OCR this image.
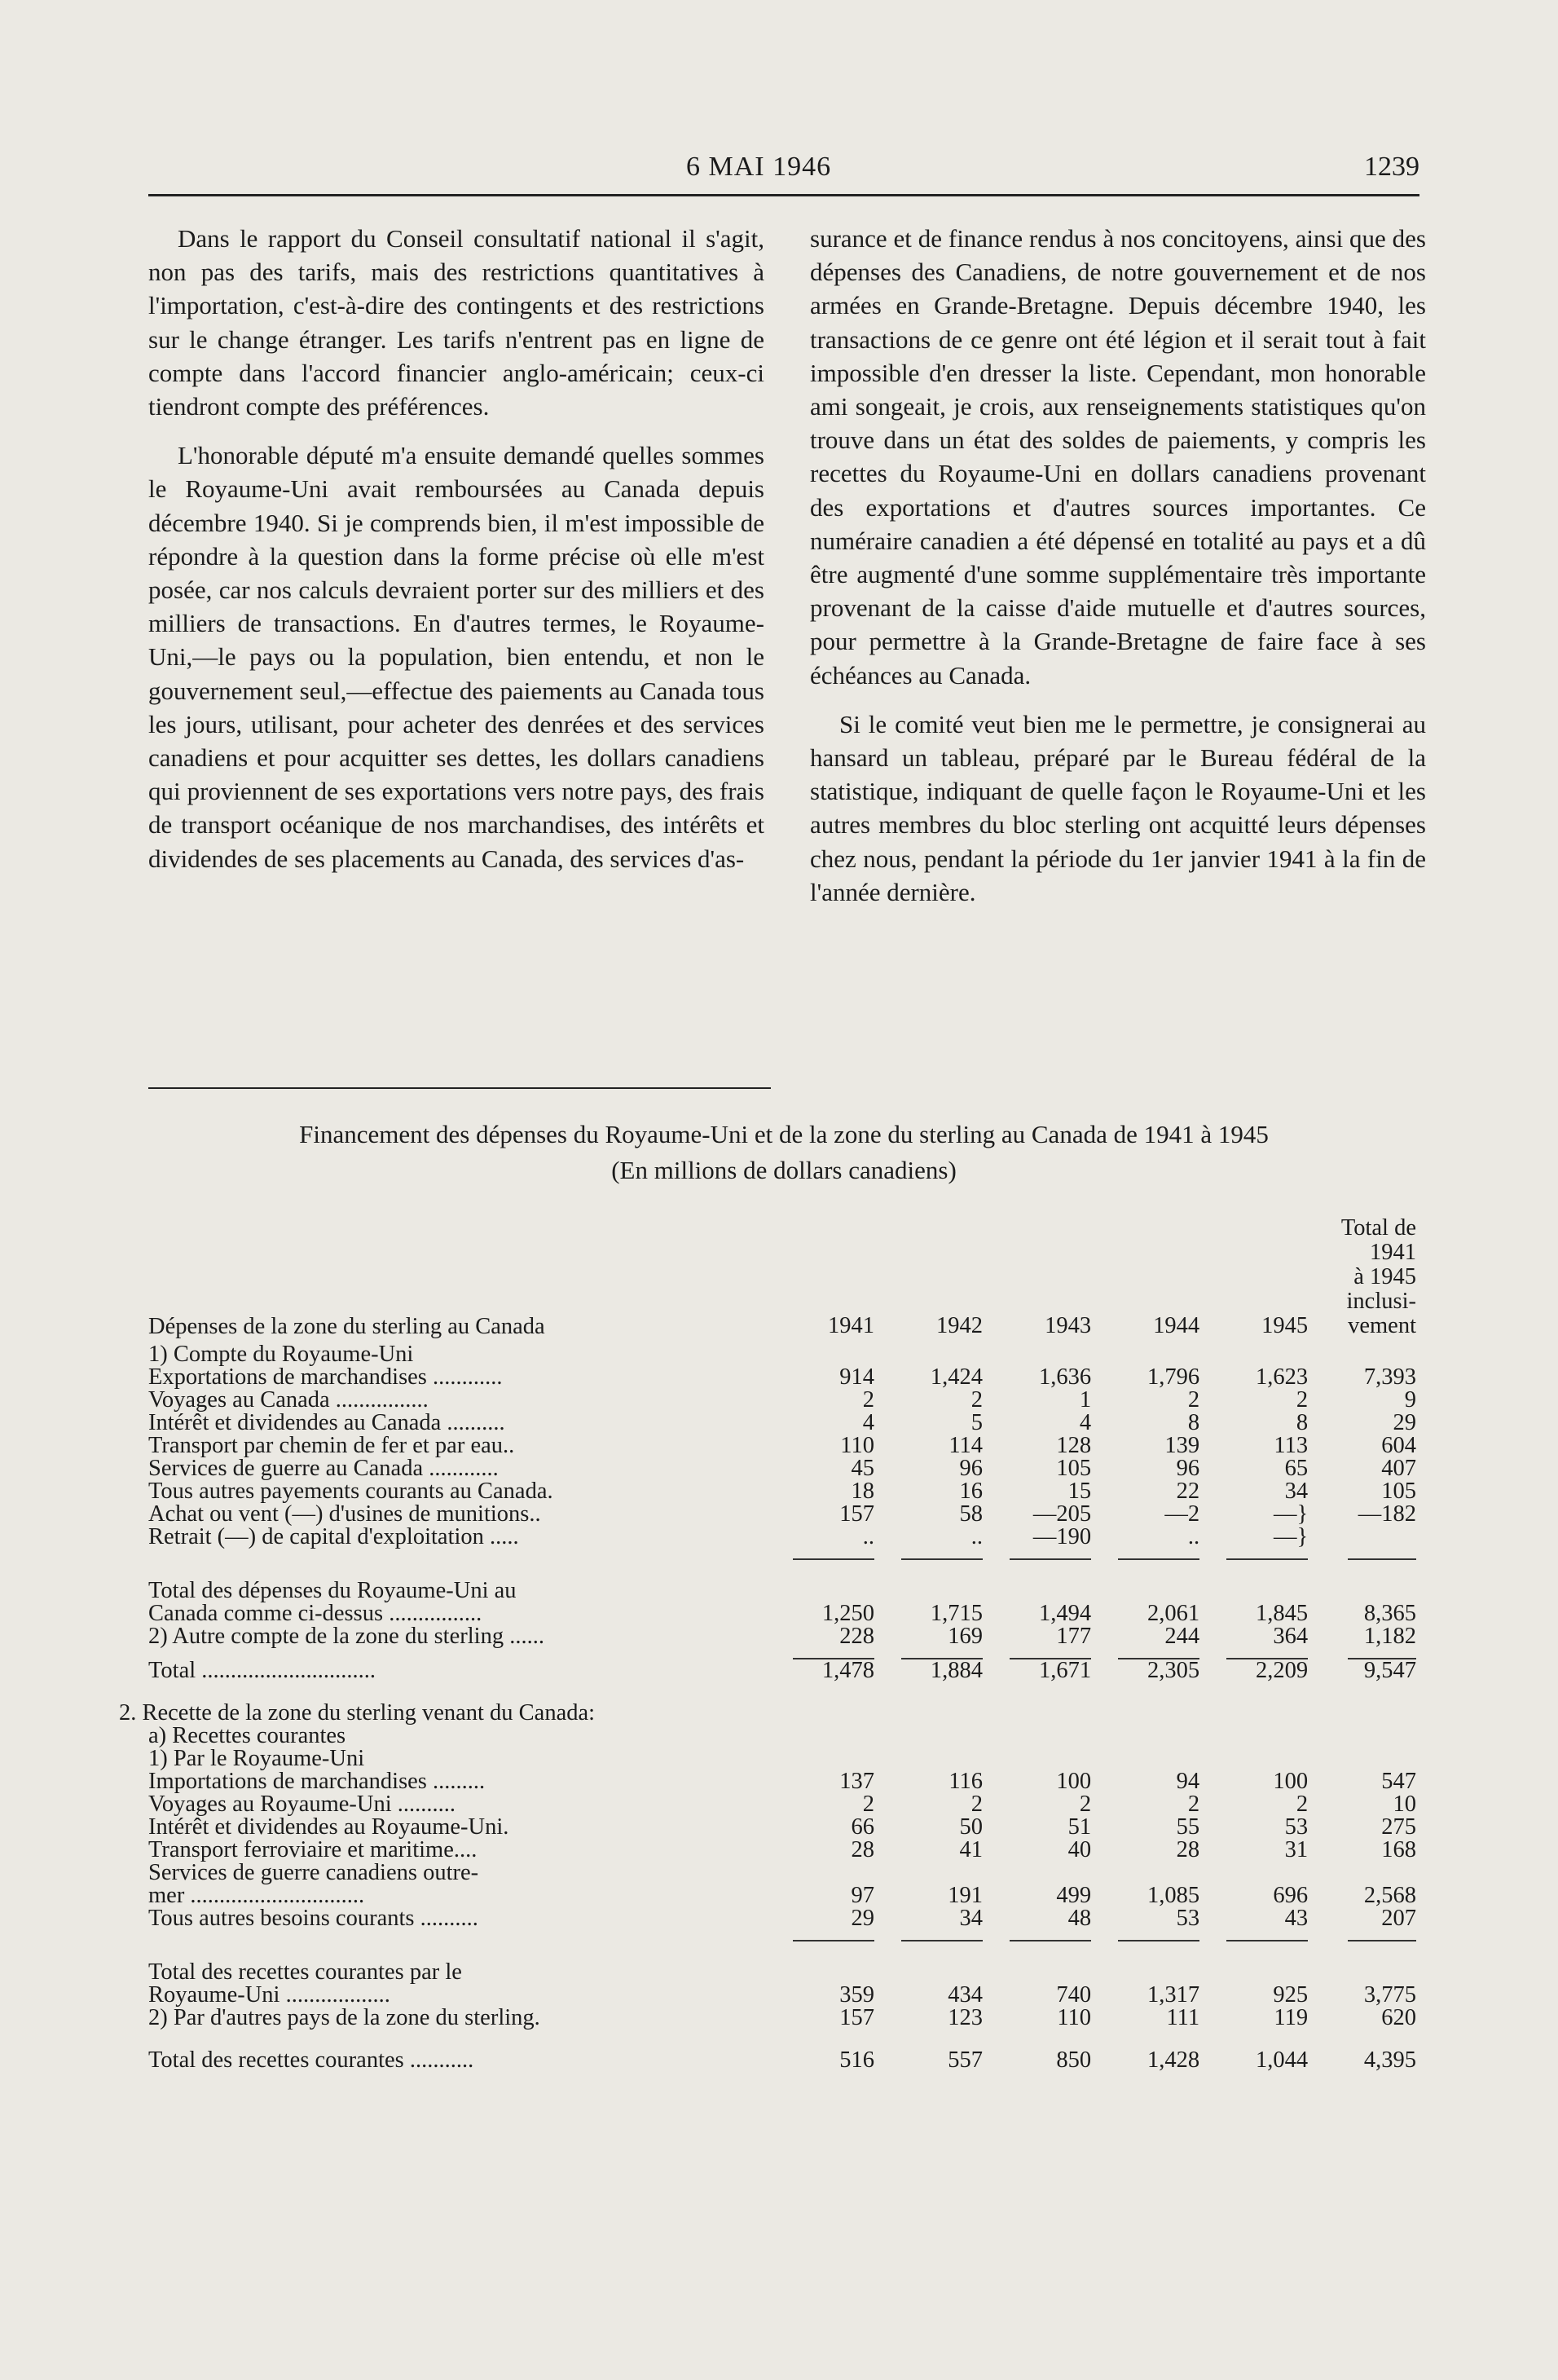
6 MAI 1946	1239

Dans le rapport du Conseil consultatif national il s'agit, non pas des tarifs, mais des restrictions quantitatives à l'importation, c'est-à-dire des contingents et des restrictions sur le change étranger. Les tarifs n'entrent pas en ligne de compte dans l'accord financier anglo-américain; ceux-ci tiendront compte des préférences.

L'honorable député m'a ensuite demandé quelles sommes le Royaume-Uni avait remboursées au Canada depuis décembre 1940. Si je comprends bien, il m'est impossible de répondre à la question dans la forme précise où elle m'est posée, car nos calculs devraient porter sur des milliers et des milliers de transactions. En d'autres termes, le Royaume-Uni,—le pays ou la population, bien entendu, et non le gouvernement seul,—effectue des paiements au Canada tous les jours, utilisant, pour acheter des denrées et des services canadiens et pour acquitter ses dettes, les dollars canadiens qui proviennent de ses exportations vers notre pays, des frais de transport océanique de nos marchandises, des intérêts et dividendes de ses placements au Canada, des services d'as-

surance et de finance rendus à nos concitoyens, ainsi que des dépenses des Canadiens, de notre gouvernement et de nos armées en Grande-Bretagne. Depuis décembre 1940, les transactions de ce genre ont été légion et il serait tout à fait impossible d'en dresser la liste. Cependant, mon honorable ami songeait, je crois, aux renseignements statistiques qu'on trouve dans un état des soldes de paiements, y compris les recettes du Royaume-Uni en dollars canadiens provenant des exportations et d'autres sources importantes. Ce numéraire canadien a été dépensé en totalité au pays et a dû être augmenté d'une somme supplémentaire très importante provenant de la caisse d'aide mutuelle et d'autres sources, pour permettre à la Grande-Bretagne de faire face à ses échéances au Canada.

Si le comité veut bien me le permettre, je consignerai au hansard un tableau, préparé par le Bureau fédéral de la statistique, indiquant de quelle façon le Royaume-Uni et les autres membres du bloc sterling ont acquitté leurs dépenses chez nous, pendant la période du 1er janvier 1941 à la fin de l'année dernière.

Financement des dépenses du Royaume-Uni et de la zone du sterling au Canada de 1941 à 1945
(En millions de dollars canadiens)
Dépenses de la zone du sterling au Canada	1941	1942	1943	1944	1945	Total de
1941
à 1945
inclusi-
vement

1) Compte du Royaume-Uni						
Exportations de marchandises ............	914	1,424	1,636	1,796	1,623	7,393
Voyages au Canada ................	2	2	1	2	2	9
Intérêt et dividendes au Canada ..........	4	5	4	8	8	29
Transport par chemin de fer et par eau..	110	114	128	139	113	604
Services de guerre au Canada ............	45	96	105	96	65	407
Tous autres payements courants au Canada.	18	16	15	22	34	105
Achat ou vent (—) d'usines de munitions..	157	58	—205	—2	—}	—182
Retrait (—) de capital d'exploitation .....	..	..	—190	..	—}	

Total des dépenses du Royaume-Uni au						
Canada comme ci-dessus ................	1,250	1,715	1,494	2,061	1,845	8,365
2) Autre compte de la zone du sterling ......	228	169	177	244	364	1,182

Total ..............................	1,478	1,884	1,671	2,305	2,209	9,547

2. Recette de la zone du sterling venant du Canada:						
a) Recettes courantes						
1) Par le Royaume-Uni						
Importations de marchandises .........	137	116	100	94	100	547
Voyages au Royaume-Uni ..........	2	2	2	2	2	10
Intérêt et dividendes au Royaume-Uni.	66	50	51	55	53	275
Transport ferroviaire et maritime....	28	41	40	28	31	168
Services de guerre canadiens outre-						
mer ..............................	97	191	499	1,085	696	2,568
Tous autres besoins courants ..........	29	34	48	53	43	207

Total des recettes courantes par le						
Royaume-Uni ..................	359	434	740	1,317	925	3,775
2) Par d'autres pays de la zone du sterling.	157	123	110	111	119	620

Total des recettes courantes ...........	516	557	850	1,428	1,044	4,395
